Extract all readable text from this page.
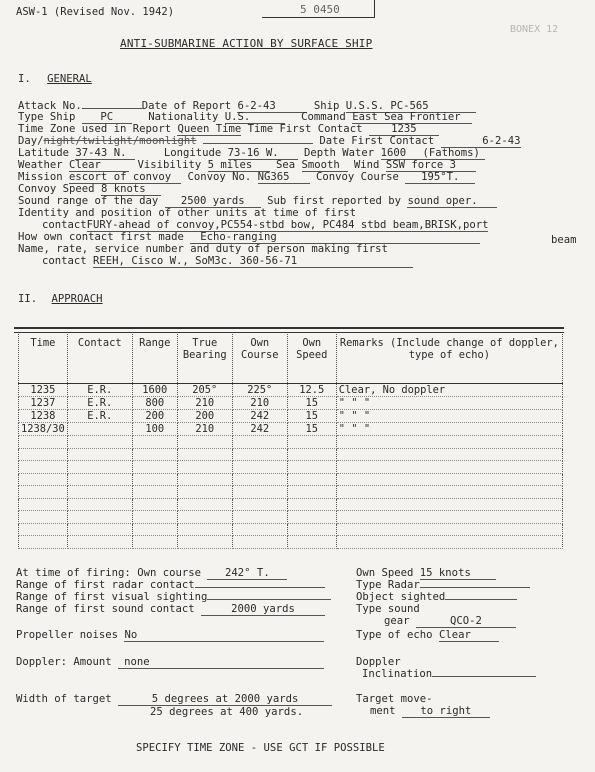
ASW-1 (Revised Nov. 1942)	5 0450
BONEX 12
ANTI-SUBMARINE ACTION BY SURFACE SHIP
I. GENERAL
Attack No.	Date of Report 6-2-43	Ship U.S.S. PC-565
Type Ship PC	Nationality U.S.	Command East Sea Frontier
Time Zone used in Report Queen Time Time First Contact	1235
Day/night/twilight/moonlight	Date First Contact	6-2-43
Latitude 37-43 N.	Longitude 73-16 W. Depth Water 1600 (Fathoms)
Weather Clear	Visibility 5 miles Sea Smooth Wind SSW force 3
Mission escort of convoy Convoy No. NG365	Convoy Course 195°T.
Convoy Speed 8 knots
Sound range of the day 2500 yards Sub first reported by sound oper.
Identity and position of other units at time of first
contactFURY-ahead of convoy,PC554-stbd bow, PC484 stbd beam,BRISK,port
How own contact first made Echo-ranging	beam
Name, rate, service number and duty of person making first
contact REEH, Cisco W., SoM3c. 360-56-71
II. APPROACH
Time	Contact	Range	True Bearing	Own Course	Own Speed	Remarks (Include change of doppler, type of echo)
1235	E.R.	1600	205°	225°	12.5	Clear, No doppler
1237	E.R.	800	210	210	15	" " "
1238	E.R.	200	200	242	15	" " "
1238/30		100	210	242	15	" " "

At time of firing: Own course 242° T.	Own Speed 15 knots
Range of first radar contact	Type Radar
Range of first visual sighting	Object sighted
Range of first sound contact	2000 yards	Type sound
gear	QCO-2
Propeller noises No	Type of echo Clear
Doppler: Amount none	Doppler
Inclination
Width of target	5 degrees at 2000 yards
25 degrees at 400 yards.
Target move-
ment to right
SPECIFY TIME ZONE - USE GCT IF POSSIBLE
